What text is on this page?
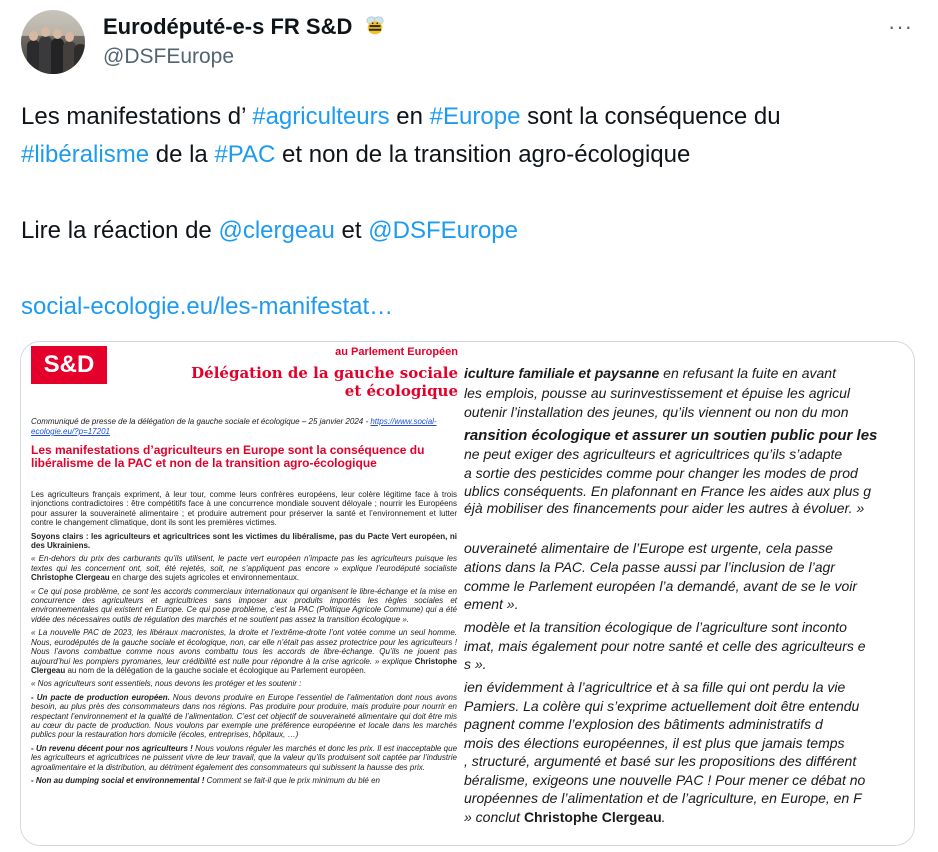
Eurodéputé-e-s FR S&D
@DSFEurope
···
Les manifestations d’ #agriculteurs en #Europe sont la conséquence du
#libéralisme de la #PAC et non de la transition agro-écologique
Lire la réaction de @clergeau et @DSFEurope
social-ecologie.eu/les-manifestat…
S&D	au Parlement Européen
Délégation de la gauche sociale et écologique
Communiqué de presse de la délégation de la gauche sociale et écologique – 25 janvier 2024 - https://www.social-ecologie.eu/?p=17201
Les manifestations d’agriculteurs en Europe sont la conséquence du libéralisme de la PAC et non de la transition agro-écologique

Les agriculteurs français expriment, à leur tour, comme leurs confrères européens, leur colère légitime face à trois injonctions contradictoires : être compétitifs face à une concurrence mondiale souvent déloyale ; nourrir les Européens pour assurer la souveraineté alimentaire ; et produire autrement pour préserver la santé et l’environnement et lutter contre le changement climatique, dont ils sont les premières victimes.

Soyons clairs : les agriculteurs et agricultrices sont les victimes du libéralisme, pas du Pacte Vert européen, ni des Ukrainiens.

« En-dehors du prix des carburants qu’ils utilisent, le pacte vert européen n’impacte pas les agriculteurs puisque les textes qui les concernent ont, soit, été rejetés, soit, ne s’appliquent pas encore » explique l’eurodéputé socialiste Christophe Clergeau en charge des sujets agricoles et environnementaux.

« Ce qui pose problème, ce sont les accords commerciaux internationaux qui organisent le libre-échange et la mise en concurrence des agriculteurs et agricultrices sans imposer aux produits importés les règles sociales et environnementales qui existent en Europe. Ce qui pose problème, c’est la PAC (Politique Agricole Commune) qui a été vidée des nécessaires outils de régulation des marchés et ne soutient pas assez la transition écologique ».

« La nouvelle PAC de 2023, les libéraux macronistes, la droite et l’extrême-droite l’ont votée comme un seul homme. Nous, eurodéputés de la gauche sociale et écologique, non, car elle n’était pas assez protectrice pour les agriculteurs ! Nous l’avons combattue comme nous avons combattu tous les accords de libre-échange. Qu’ils ne jouent pas aujourd’hui les pompiers pyromanes, leur crédibilité est nulle pour répondre à la crise agricole. » explique Christophe Clergeau au nom de la délégation de la gauche sociale et écologique au Parlement européen.

« Nos agriculteurs sont essentiels, nous devons les protéger et les soutenir :

- Un pacte de production européen. Nous devons produire en Europe l’essentiel de l’alimentation dont nous avons besoin, au plus près des consommateurs dans nos régions. Pas produire pour produire, mais produire pour nourrir en respectant l’environnement et la qualité de l’alimentation. C’est cet objectif de souveraineté alimentaire qui doit être mis au cœur du pacte de production. Nous voulons par exemple une préférence européenne et locale dans les marchés publics pour la restauration hors domicile (écoles, entreprises, hôpitaux, …)

- Un revenu décent pour nos agriculteurs ! Nous voulons réguler les marchés et donc les prix. Il est inacceptable que les agriculteurs et agricultrices ne puissent vivre de leur travail, que la valeur qu’ils produisent soit captée par l’industrie agroalimentaire et la distribution, au détriment également des consommateurs qui subissent la hausse des prix.

- Non au dumping social et environnemental ! Comment se fait-il que le prix minimum du blé en

iculture familiale et paysanne en refusant la fuite en avant
les emplois, pousse au surinvestissement et épuise les agricul
outenir l’installation des jeunes, qu’ils viennent ou non du mon
ransition écologique et assurer un soutien public pour les
ne peut exiger des agriculteurs et agricultrices qu’ils s’adapte
a sortie des pesticides comme pour changer les modes de prod
ublics conséquents. En plafonnant en France les aides aux plus g
éjà mobiliser des financements pour aider les autres à évoluer. »
ouveraineté alimentaire de l’Europe est urgente, cela passe
ations dans la PAC. Cela passe aussi par l’inclusion de l’agr
comme le Parlement européen l’a demandé, avant de se le voir
ement ».
modèle et la transition écologique de l’agriculture sont inconto
imat, mais également pour notre santé et celle des agriculteurs e
s ».
ien évidemment à l’agricultrice et à sa fille qui ont perdu la vie
Pamiers. La colère qui s’exprime actuellement doit être entendu
pagnent comme l’explosion des bâtiments administratifs d
mois des élections européennes, il est plus que jamais temps
, structuré, argumenté et basé sur les propositions des différent
béralisme, exigeons une nouvelle PAC ! Pour mener ce débat no
uropéennes de l’alimentation et de l’agriculture, en Europe, en F
» conclut Christophe Clergeau.
